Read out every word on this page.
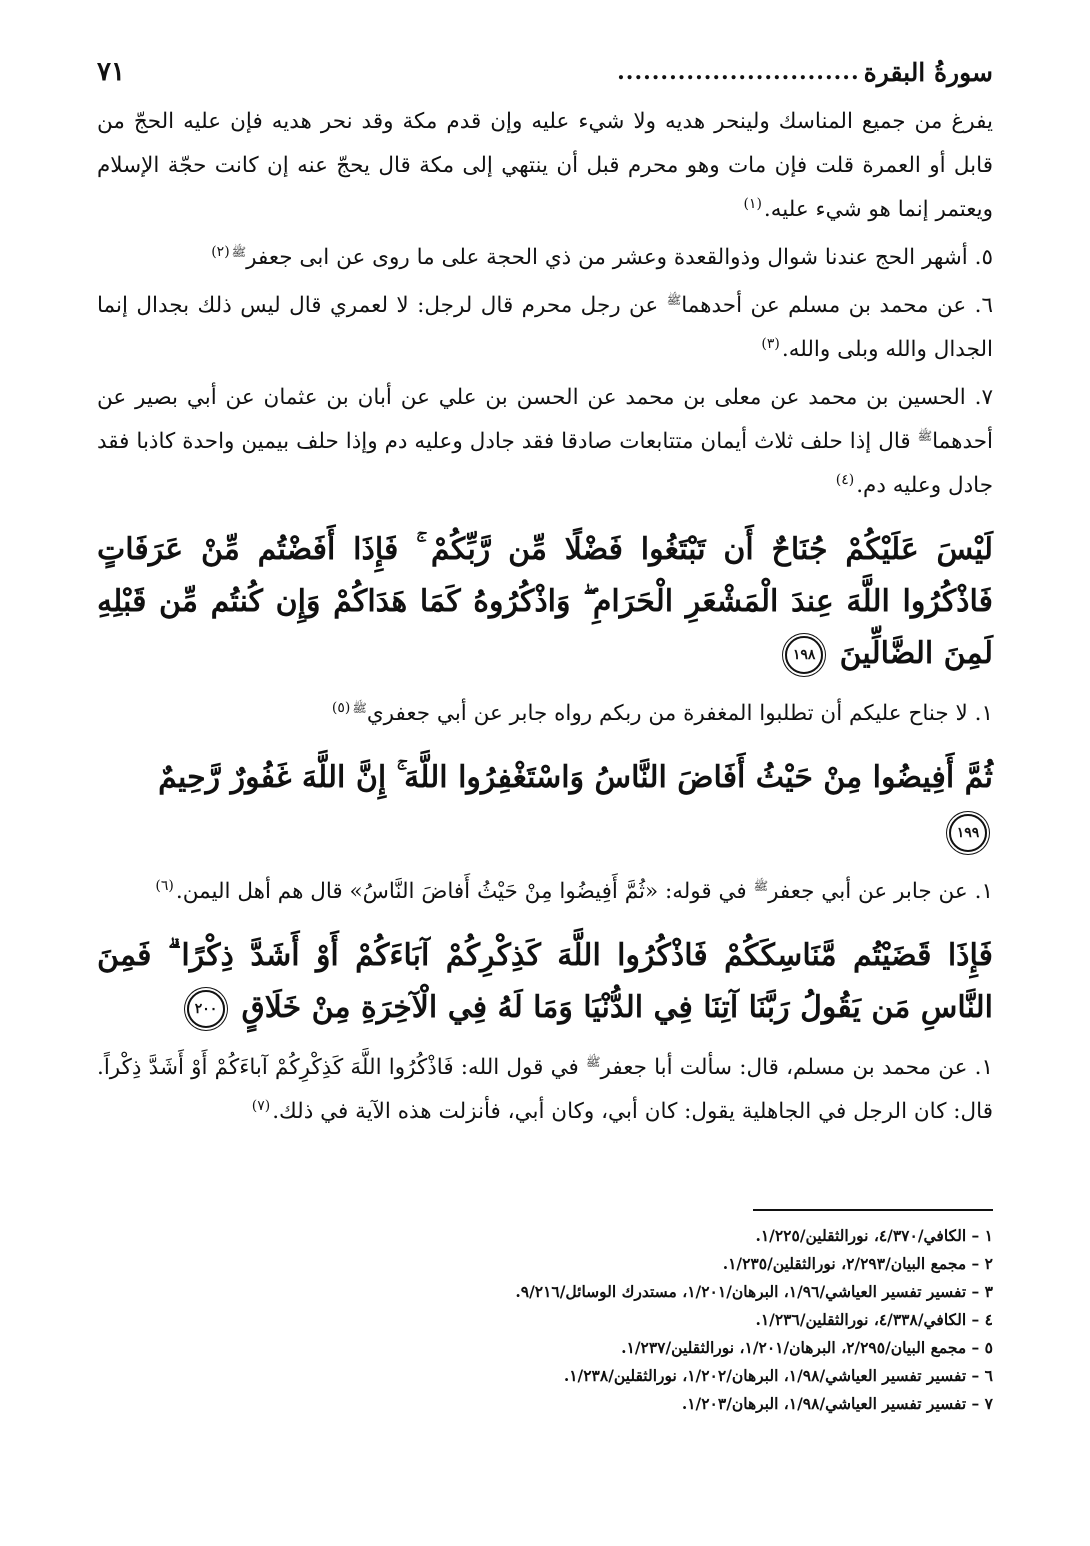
سورةُ البقرة
............................
٧١

يفرغ من جميع المناسك ولينحر هديه ولا شيء عليه وإن قدم مكة وقد نحر هديه فإن عليه الحجّ من قابل أو العمرة قلت فإن مات وهو محرم قبل أن ينتهي إلى مكة قال يحجّ عنه إن كانت حجّة الإسلام ويعتمر إنما هو شيء عليه.$^{(١)}$

٥. أشهر الحج عندنا شوال وذوالقعدة وعشر من ذي الحجة على ما روى عن ابى جعفر$^{ﷺ(٢)}$

٦. عن محمد بن مسلم عن أحدهما$^ﷺ$ عن رجل محرم قال لرجل: لا لعمري قال ليس ذلك بجدال إنما الجدال والله وبلى والله.$^{(٣)}$

٧. الحسين بن محمد عن معلى بن محمد عن الحسن بن علي عن أبان بن عثمان عن أبي بصير عن أحدهما$^ﷺ$ قال إذا حلف ثلاث أيمان متتابعات صادقا فقد جادل وعليه دم وإذا حلف بيمين واحدة كاذبا فقد جادل وعليه دم.$^{(٤)}$

لَيْسَ عَلَيْكُمْ جُنَاحٌ أَن تَبْتَغُوا فَضْلًا مِّن رَّبِّكُمْ ۚ فَإِذَا أَفَضْتُم مِّنْ عَرَفَاتٍ فَاذْكُرُوا اللَّهَ عِندَ الْمَشْعَرِ الْحَرَامِ ۖ وَاذْكُرُوهُ كَمَا هَدَاكُمْ وَإِن كُنتُم مِّن قَبْلِهِ لَمِنَ الضَّالِّينَ ١٩٨

١. لا جناح عليكم أن تطلبوا المغفرة من ربكم رواه جابر عن أبي جعفري$^{ﷺ(٥)}$

ثُمَّ أَفِيضُوا مِنْ حَيْثُ أَفَاضَ النَّاسُ وَاسْتَغْفِرُوا اللَّهَ ۚ إِنَّ اللَّهَ غَفُورٌ رَّحِيمٌ
١٩٩

١. عن جابر عن أبي جعفر$^ﷺ$ في قوله: «ثُمَّ أَفِيضُوا مِنْ حَيْثُ أَفاضَ النَّاسُ» قال هم أهل اليمن.$^{(٦)}$

فَإِذَا قَضَيْتُم مَّنَاسِكَكُمْ فَاذْكُرُوا اللَّهَ كَذِكْرِكُمْ آبَاءَكُمْ أَوْ أَشَدَّ ذِكْرًا ۗ فَمِنَ النَّاسِ مَن يَقُولُ رَبَّنَا آتِنَا فِي الدُّنْيَا وَمَا لَهُ فِي الْآخِرَةِ مِنْ خَلَاقٍ ٢٠٠

١. عن محمد بن مسلم، قال: سألت أبا جعفر$^ﷺ$ في قول الله: فَاذْكُرُوا اللَّهَ كَذِكْرِكُمْ آباءَكُمْ أَوْ أَشَدَّ ذِكْراً. قال: كان الرجل في الجاهلية يقول: كان أبي، وكان أبي، فأنزلت هذه الآية في ذلك.$^{(٧)}$

١ – الكافي/٤/٣٧٠، نورالثقلين/١/٢٢٥.

٢ – مجمع البيان/٢/٢٩٣، نورالثقلين/١/٢٣٥.

٣ – تفسير تفسير العياشي/١/٩٦، البرهان/١/٢٠١، مستدرك الوسائل/٩/٢١٦.

٤ – الكافي/٤/٣٣٨، نورالثقلين/١/٢٣٦.

٥ – مجمع البيان/٢/٢٩٥، البرهان/١/٢٠١، نورالثقلين/١/٢٣٧.

٦ – تفسير تفسير العياشي/١/٩٨، البرهان/١/٢٠٢، نورالثقلين/١/٢٣٨.

٧ – تفسير تفسير العياشي/١/٩٨، البرهان/١/٢٠٣.
